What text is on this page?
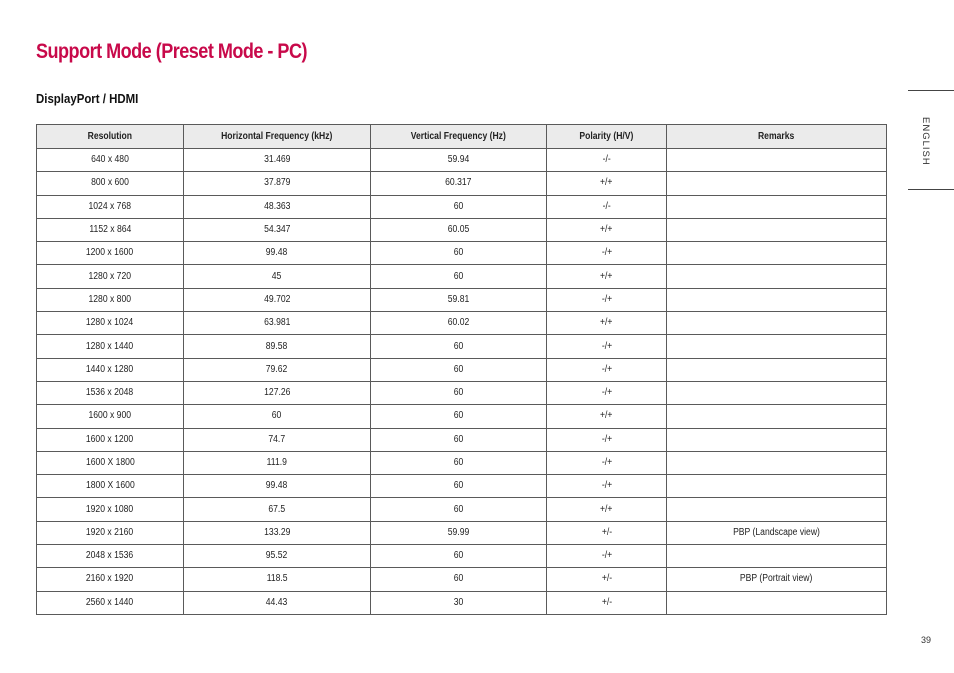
Support Mode (Preset Mode - PC)
DisplayPort / HDMI
Resolution	Horizontal Frequency (kHz)	Vertical Frequency (Hz)	Polarity (H/V)	Remarks
640 x 480	31.469	59.94	-/-	
800 x 600	37.879	60.317	+/+	
1024 x 768	48.363	60	-/-	
1152 x 864	54.347	60.05	+/+	
1200 x 1600	99.48	60	-/+	
1280 x 720	45	60	+/+	
1280 x 800	49.702	59.81	-/+	
1280 x 1024	63.981	60.02	+/+	
1280 x 1440	89.58	60	-/+	
1440 x 1280	79.62	60	-/+	
1536 x 2048	127.26	60	-/+	
1600 x 900	60	60	+/+	
1600 x 1200	74.7	60	-/+	
1600 X 1800	111.9	60	-/+	
1800 X 1600	99.48	60	-/+	
1920 x 1080	67.5	60	+/+	
1920 x 2160	133.29	59.99	+/-	PBP (Landscape view)
2048 x 1536	95.52	60	-/+	
2160 x 1920	118.5	60	+/-	PBP (Portrait view)
2560 x 1440	44.43	30	+/-	
ENGLISH
39
